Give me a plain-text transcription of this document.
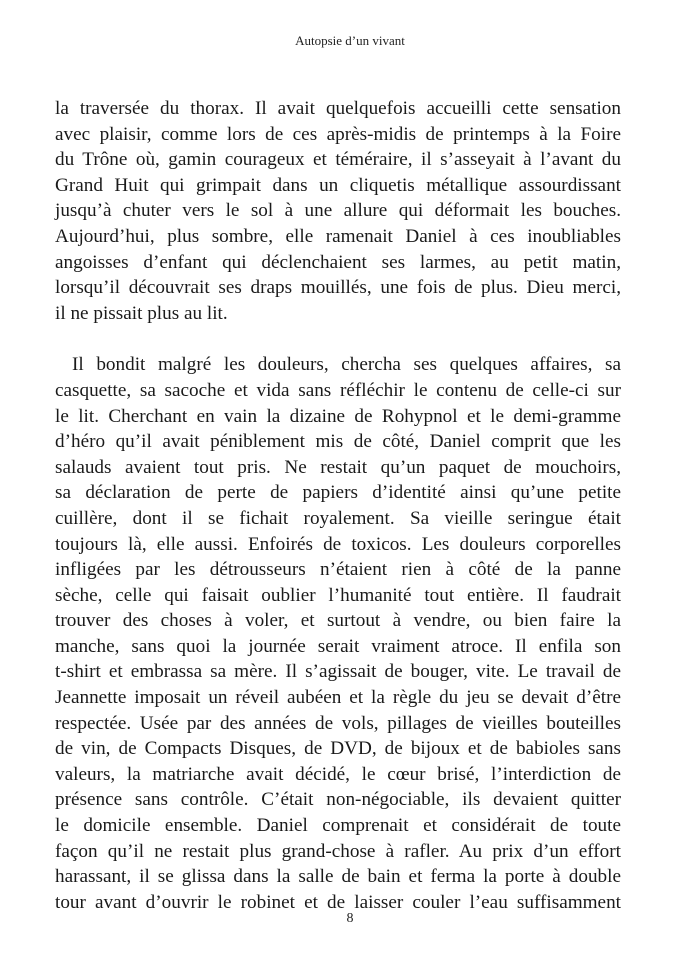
Autopsie d’un vivant
la traversée du thorax. Il avait quelquefois accueilli cette sensation
avec plaisir, comme lors de ces après-midis de printemps à la Foire
du Trône où, gamin courageux et téméraire, il s’asseyait à l’avant du
Grand Huit qui grimpait dans un cliquetis métallique assourdissant
jusqu’à chuter vers le sol à une allure qui déformait les bouches.
Aujourd’hui, plus sombre, elle ramenait Daniel à ces inoubliables
angoisses d’enfant qui déclenchaient ses larmes, au petit matin,
lorsqu’il découvrait ses draps mouillés, une fois de plus. Dieu merci,
il ne pissait plus au lit.
Il bondit malgré les douleurs, chercha ses quelques affaires, sa
casquette, sa sacoche et vida sans réfléchir le contenu de celle-ci sur
le lit. Cherchant en vain la dizaine de Rohypnol et le demi-gramme
d’héro qu’il avait péniblement mis de côté, Daniel comprit que les
salauds avaient tout pris. Ne restait qu’un paquet de mouchoirs,
sa déclaration de perte de papiers d’identité ainsi qu’une petite
cuillère, dont il se fichait royalement. Sa vieille seringue était
toujours là, elle aussi. Enfoirés de toxicos. Les douleurs corporelles
infligées par les détrousseurs n’étaient rien à côté de la panne
sèche, celle qui faisait oublier l’humanité tout entière. Il faudrait
trouver des choses à voler, et surtout à vendre, ou bien faire la
manche, sans quoi la journée serait vraiment atroce. Il enfila son
t-shirt et embrassa sa mère. Il s’agissait de bouger, vite. Le travail de
Jeannette imposait un réveil aubéen et la règle du jeu se devait d’être
respectée. Usée par des années de vols, pillages de vieilles bouteilles
de vin, de Compacts Disques, de DVD, de bijoux et de babioles sans
valeurs, la matriarche avait décidé, le cœur brisé, l’interdiction de
présence sans contrôle. C’était non-négociable, ils devaient quitter
le domicile ensemble. Daniel comprenait et considérait de toute
façon qu’il ne restait plus grand-chose à rafler. Au prix d’un effort
harassant, il se glissa dans la salle de bain et ferma la porte à double
tour avant d’ouvrir le robinet et de laisser couler l’eau suffisamment
8
